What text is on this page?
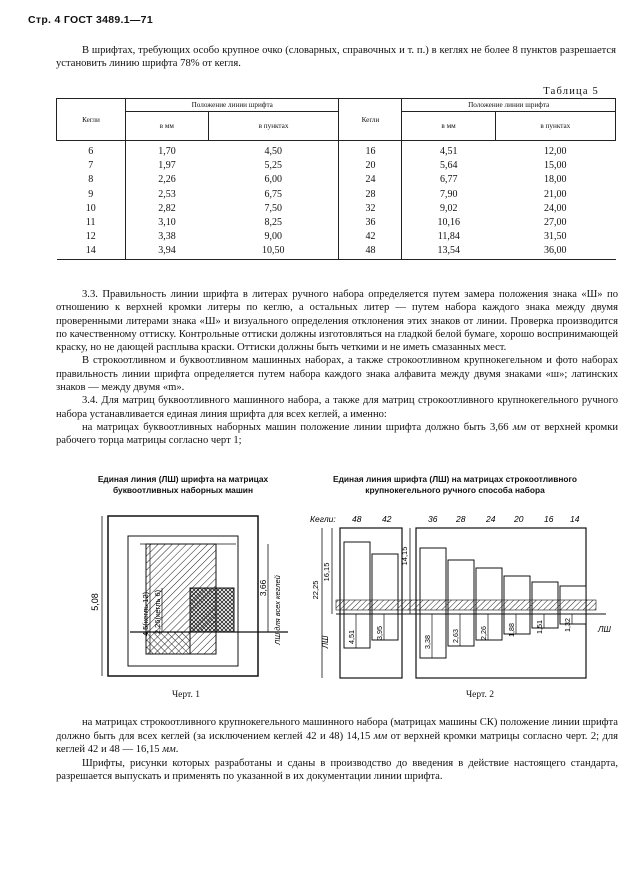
Стр. 4 ГОСТ 3489.1—71
В шрифтах, требующих особо крупное очко (словарных, справочных и т. п.) в кеглях не более 8 пунктов разрешается установить линию шрифта 78% от кегля.
Таблица 5
Кегли	Положение линии шрифта		Кегли	Положение линии шрифта	
	в мм	в пунктах		в мм	в пунктах
6	1,70	4,50	16	4,51	12,00
7	1,97	5,25	20	5,64	15,00
8	2,26	6,00	24	6,77	18,00
9	2,53	6,75	28	7,90	21,00
10	2,82	7,50	32	9,02	24,00
11	3,10	8,25	36	10,16	27,00
12	3,38	9,00	42	11,84	31,50
14	3,94	10,50	48	13,54	36,00

3.3. Правильность линии шрифта в литерах ручного набора определяется путем замера положения знака «Ш» по отношению к верхней кромки литеры по кеглю, а остальных литер — путем набора каждого знака между двумя проверенными литерами знака «Ш» и визуального определения отклонения этих знаков от линии. Проверка производится по качественному оттиску. Контрольные оттиски должны изготовляться на гладкой белой бумаге, хорошо воспринимающей краску, но не дающей расплыва краски. Оттиски должны быть четкими и не иметь смазанных мест.

В строкоотливном и буквоотливном машинных наборах, а также строкоотливном крупнокегельном и фото наборах правильность линии шрифта определяется путем набора каждого знака алфавита между двумя знаками «ш»; латинских знаков — между двумя «m».

3.4. Для матриц буквоотливного машинного набора, а также для матриц строкоотливного крупнокегельного ручного набора устанавливается единая линия шрифта для всех кеглей, а именно:

на матрицах буквоотливных наборных машин положение линии шрифта должно быть 3,66 мм от верхней кромки рабочего торца матрицы согласно черт 1;

Единая линия (ЛШ) шрифта на матрицах буквоотливных наборных машин
Единая линия шрифта (ЛШ) на матрицах строкоотливного крупнокегельного ручного способа набора
5,08	4,5(кегль 12) 2,26(кегль 6)
3,66 ЛШ для всех кеглей
Черт. 1
Кегли: 48 42	36 28 24 20 16 14
22,25
16,15
14,15
ЛШ
ЛШ
4,51	3,95
3,38	2,63	2,26	1,88	1,51	1,32
Черт. 2

на матрицах строкоотливного крупнокегельного машинного набора (матрицах машины СК) положение линии шрифта должно быть для всех кеглей (за исключением кеглей 42 и 48) 14,15 мм от верхней кромки матрицы согласно черт. 2; для кеглей 42 и 48 — 16,15 мм.

Шрифты, рисунки которых разработаны и сданы в производство до введения в действие настоящего стандарта, разрешается выпускать и применять по указанной в их документации линии шрифта.
